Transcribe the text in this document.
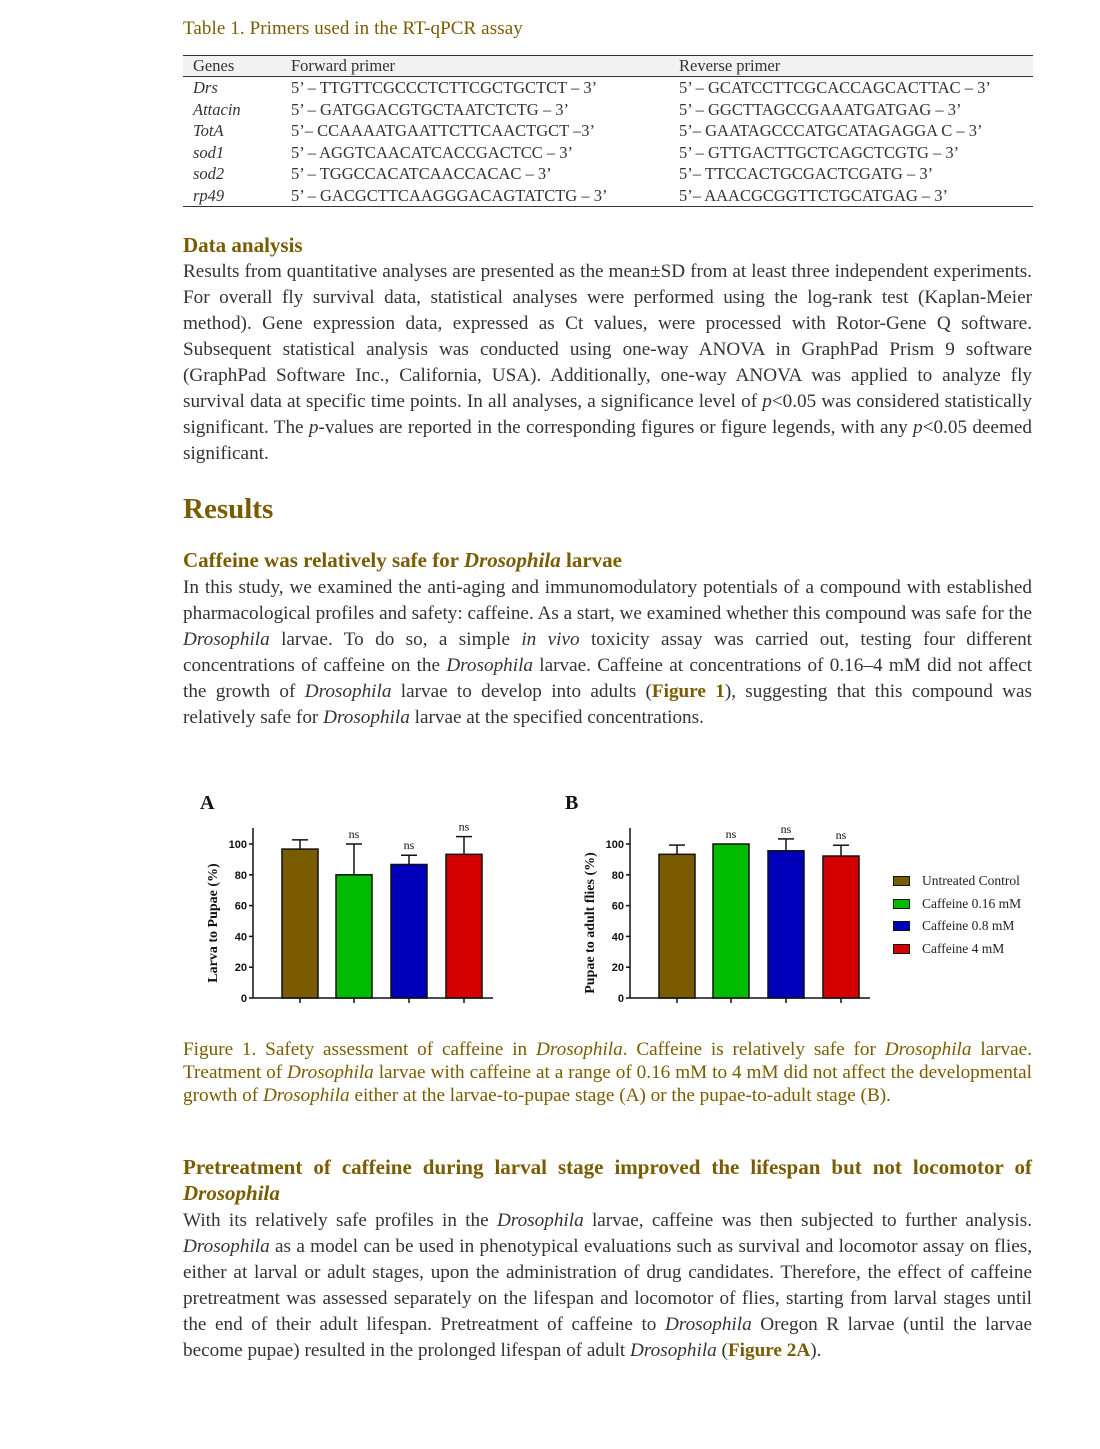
Table 1. Primers used in the RT-qPCR assay
Genes	Forward primer	Reverse primer
Drs	5’ – TTGTTCGCCCTCTTCGCTGCTCT – 3’	5’ – GCATCCTTCGCACCAGCACTTAC – 3’
Attacin	5’ – GATGGACGTGCTAATCTCTG – 3’	5’ – GGCTTAGCCGAAATGATGAG – 3’
TotA	5’– CCAAAATGAATTCTTCAACTGCT –3’	5’– GAATAGCCCATGCATAGAGGA C – 3’
sod1	5’ – AGGTCAACATCACCGACTCC – 3’	5’ – GTTGACTTGCTCAGCTCGTG – 3’
sod2	5’ – TGGCCACATCAACCACAC – 3’	5’– TTCCACTGCGACTCGATG – 3’
rp49	5’ – GACGCTTCAAGGGACAGTATCTG – 3’	5’– AAACGCGGTTCTGCATGAG – 3’
Data analysis

Results from quantitative analyses are presented as the mean±SD from at least three independent experiments. For overall fly survival data, statistical analyses were performed using the log-rank test (Kaplan-Meier method). Gene expression data, expressed as Ct values, were processed with Rotor-Gene Q software. Subsequent statistical analysis was conducted using one-way ANOVA in GraphPad Prism 9 software (GraphPad Software Inc., California, USA). Additionally, one-way ANOVA was applied to analyze fly survival data at specific time points. In all analyses, a significance level of p<0.05 was considered statistically significant. The p-values are reported in the corresponding figures or figure legends, with any p<0.05 deemed significant.

Results
Caffeine was relatively safe for Drosophila larvae

In this study, we examined the anti-aging and immunomodulatory potentials of a compound with established pharmacological profiles and safety: caffeine. As a start, we examined whether this compound was safe for the Drosophila larvae. To do so, a simple in vivo toxicity assay was carried out, testing four different concentrations of caffeine on the Drosophila larvae. Caffeine at concentrations of 0.16–4 mM did not affect the growth of Drosophila larvae to develop into adults (Figure 1), suggesting that this compound was relatively safe for Drosophila larvae at the specified concentrations.

A	B
Larva to Pupae (%)
0
20
40
60
80
100
ns
ns
ns
Pupae to adult flies (%)
0
20
40
60
80
100
ns	ns	ns
Untreated Control
Caffeine 0.16 mM
Caffeine 0.8 mM
Caffeine 4 mM
Figure 1. Safety assessment of caffeine in Drosophila. Caffeine is relatively safe for Drosophila larvae. Treatment of Drosophila larvae with caffeine at a range of 0.16 mM to 4 mM did not affect the developmental growth of Drosophila either at the larvae-to-pupae stage (A) or the pupae-to-adult stage (B).
Pretreatment of caffeine during larval stage improved the lifespan but not locomotor of Drosophila

With its relatively safe profiles in the Drosophila larvae, caffeine was then subjected to further analysis. Drosophila as a model can be used in phenotypical evaluations such as survival and locomotor assay on flies, either at larval or adult stages, upon the administration of drug candidates. Therefore, the effect of caffeine pretreatment was assessed separately on the lifespan and locomotor of flies, starting from larval stages until the end of their adult lifespan. Pretreatment of caffeine to Drosophila Oregon R larvae (until the larvae become pupae) resulted in the prolonged lifespan of adult Drosophila (Figure 2A).
